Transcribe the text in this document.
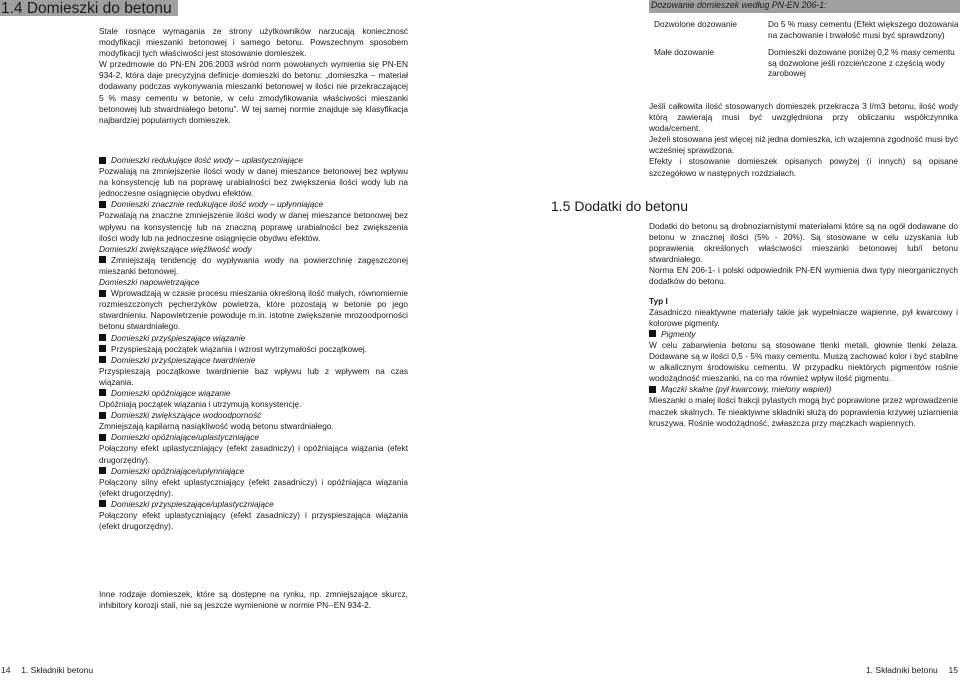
1.4 Domieszki do betonu

Stale rosnące wymagania ze strony użytkowników narzucają koniecznosć modyfikacji mieszanki betonowej i samego betonu. Powszechnym sposobem modyfikacji tych właściwości jest stosowanie domieszek.

W przedmowie do PN-EN 206:2003 wśród norm powołanych wymienia się PN-EN 934-2, która daje precyzyjna definicje domieszki do betonu: „domieszka – materiał dodawany podczas wykonywania mieszanki betonowej w ilości nie przekraczającej 5 % masy cementu w betonie, w celu zmodyfikowania właściwości mieszanki betonowej lub stwardniałego betonu”. W tej samej normie znajduje się klasyfikacja najbardziej popularnych domieszek.

Domieszki redukujące ilość wody – uplastyczniające

Pozwalają na zmniejszenie ilości wody w danej mieszance betonowej bez wpływu na konsystencję lub na poprawę urabialności bez zwiększenia ilości wody lub na jednoczesne osiągnięcie obydwu efektów.

Domieszki znacznie redukujące ilość wody – upłynniające

Pozwalają na znaczne zmniejszenie ilości wody w danej mieszance betonowej bez wpływu na konsystencję lub na znaczną poprawę urabialności bez zwiększenia ilości wody lub na jednoczesne osiągnięcie obydwu efektów.

Domieszki zwiększające więźliwość wody

Zmniejszają tendencję do wypływania wody na powierzchnię zagęszczonej mieszanki betonowej.

Domieszki napowietrzające

Wprowadzają w czasie procesu mieszania określoną ilość małych, równomiernie rozmieszczonych pęcherzyków powietrza, które pozostają w betonie po jego stwardnieniu. Napowietrzenie powoduje m.in. istotne zwiększenie mrozoodporności betonu stwardniałego.

Domieszki przyśpieszające wiązanie

Przyspieszają początek wiązania i wzrost wytrzymałości początkowej.

Domieszki przyśpieszające twardnienie

Przyspieszają początkowe twardnienie baz wpływu lub z wpływem na czas wiązania.

Domieszki opóźniające wiązanie

Opóźniają początek wiązania i utrzymują konsystencję.

Domieszki zwiększające wodoodporność

Zmniejszają kapilarną nasiąkliwość wodą betonu stwardniałego.

Domieszki opóźniające/uplastyczniające

Połączony efekt uplastyczniający (efekt zasadniczy) i opóźniająca wiązania (efekt drugorzędny).

Domieszki opóźniające/upłynniające

Połączony silny efekt uplastyczniający (efekt zasadniczy) i opóźniająca wiązania (efekt drugorzędny).

Domieszki przyspieszające/uplastyczniające

Połączony efekt uplastyczniający (efekt zasadniczy) i przyspieszająca wiązania (efekt drugorzędny).

Inne rodzaje domieszek, które są dostępne na rynku, np. zmniejszające skurcz, inhibitory korozji stali, nie są jeszcze wymienione w normie PN--EN 934-2.
14 1. Składniki betonu
Dozowanie domieszek według PN-EN 206-1:
Dozwolone dozowanie	Do 5 % masy cementu (Efekt większego dozowania na zachowanie i trwałość musi być sprawdzony)

Małe dozowanie	Domieszki dozowane poniżej 0,2 % masy cementu są dozwolone jeśli rozcieńczone z częścią wody zarobowej

Jeśli całkowita ilość stosowanych domieszek przekracza 3 l/m3 betonu, ilość wody którą zawierają musi być uwzględniona przy obliczaniu współczynnika woda/cement.

Jeżeli stosowana jest więcej niż jedna domieszka, ich wzajemna zgodność musi być wcześniej sprawdzona.

Efekty i stosowanie domieszek opisanych powyżej (i innych) są opisane szczegółowo w następnych rozdziałach.

1.5 Dodatki do betonu

Dodatki do betonu są drobnoziarnistymi materiałami które są na ogół dodawane do betonu w znacznej ilości (5% - 20%). Są stosowane w celu uzyskania lub poprawienia określonych właściwości mieszanki betonowej lub/i betonu stwardniałego.

Norma EN 206-1- i polski odpowiednik PN-EN wymienia dwa typy nieorganicznych dodatków do betonu.

Typ I

Zasadniczo nieaktywne materiały takie jak wypełniacze wapienne, pył kwarcowy i kolorowe pigmenty.

Pigmenty

W celu zabarwienia betonu są stosowane tlenki metali, głownie tlenki żelaza. Dodawane są w ilości 0,5 - 5% masy cementu. Muszą zachować kolor i być stabilne w alkalicznym środowisku cementu. W przypadku niektórych pigmentów rośnie wodożądność mieszanki, na co ma również wpływ ilość pigmentu.

Mączki skalne (pył kwarcowy, mielony wapień)

Mieszanki o małej ilości frakcji pylastych mogą być poprawione przez wprowadzenie maczek skalnych. Te nieaktywne składniki służą do poprawienia krzywej uziarnienia kruszywa. Rośnie wodożądność, zwłaszcza przy mączkach wapiennych.

1. Składniki betonu 15
